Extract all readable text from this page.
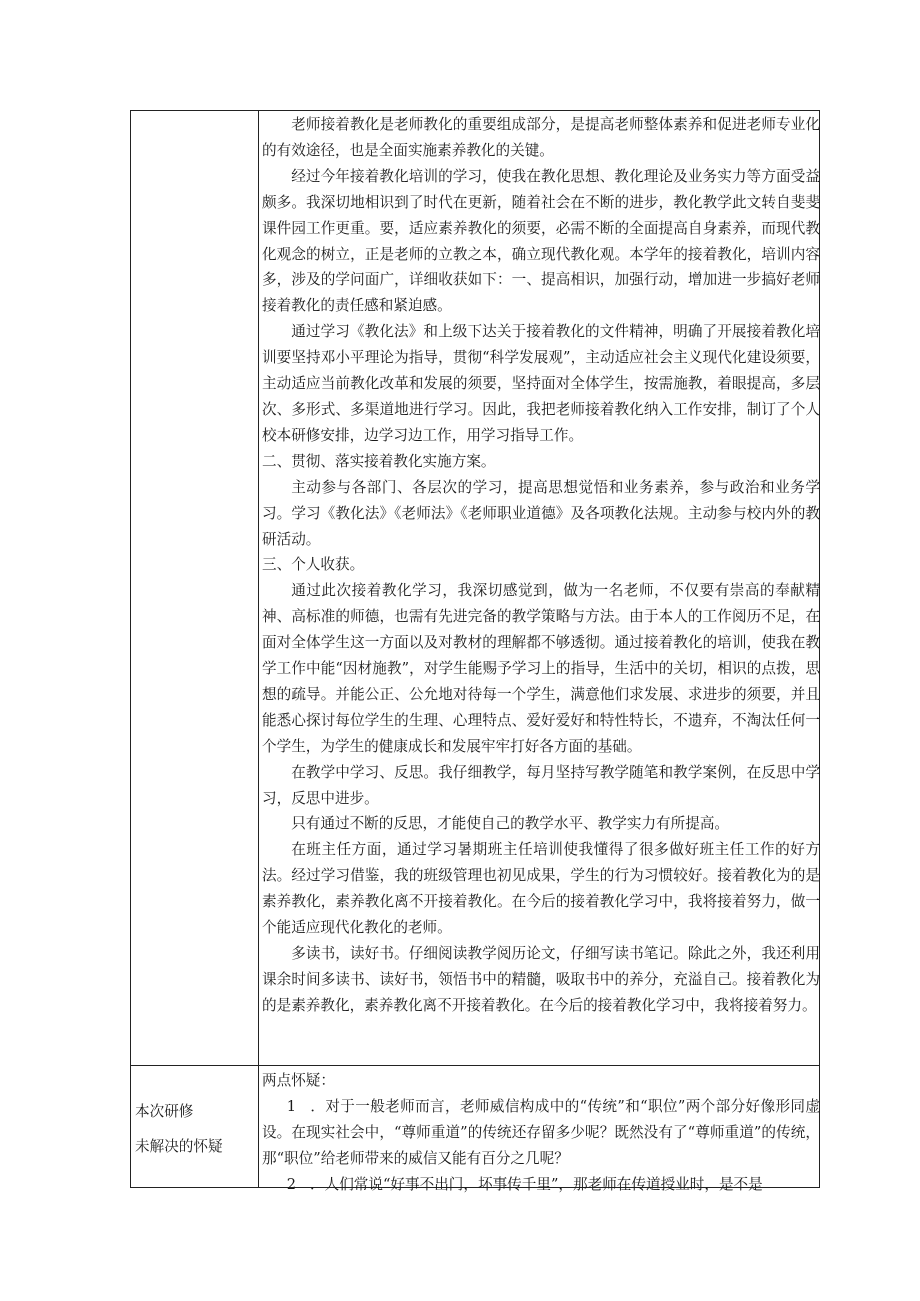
老师接着教化是老师教化的重要组成部分，是提高老师整体素养和促进老师专业化的有效途径，也是全面实施素养教化的关键。

经过今年接着教化培训的学习，使我在教化思想、教化理论及业务实力等方面受益颇多。我深切地相识到了时代在更新，随着社会在不断的进步，教化教学此文转自斐斐课件园工作更重。要，适应素养教化的须要，必需不断的全面提高自身素养，而现代教化观念的树立，正是老师的立教之本，确立现代教化观。本学年的接着教化，培训内容多，涉及的学问面广，详细收获如下：一、提高相识，加强行动，增加进一步搞好老师接着教化的责任感和紧迫感。

通过学习《教化法》和上级下达关于接着教化的文件精神，明确了开展接着教化培训要坚持邓小平理论为指导，贯彻“科学发展观”，主动适应社会主义现代化建设须要，主动适应当前教化改革和发展的须要，坚持面对全体学生，按需施教，着眼提高，多层次、多形式、多渠道地进行学习。因此，我把老师接着教化纳入工作安排，制订了个人校本研修安排，边学习边工作，用学习指导工作。

二、贯彻、落实接着教化实施方案。

主动参与各部门、各层次的学习，提高思想觉悟和业务素养，参与政治和业务学习。学习《教化法》《老师法》《老师职业道德》及各项教化法规。主动参与校内外的教研活动。

三、个人收获。

通过此次接着教化学习，我深切感觉到，做为一名老师，不仅要有崇高的奉献精神、高标准的师德，也需有先进完备的教学策略与方法。由于本人的工作阅历不足，在面对全体学生这一方面以及对教材的理解都不够透彻。通过接着教化的培训，使我在教学工作中能“因材施教”，对学生能赐予学习上的指导，生活中的关切，相识的点拨，思想的疏导。并能公正、公允地对待每一个学生，满意他们求发展、求进步的须要，并且能悉心探讨每位学生的生理、心理特点、爱好爱好和特性特长，不遗弃，不淘汰任何一个学生，为学生的健康成长和发展牢牢打好各方面的基础。

在教学中学习、反思。我仔细教学，每月坚持写教学随笔和教学案例，在反思中学习，反思中进步。

只有通过不断的反思，才能使自己的教学水平、教学实力有所提高。

在班主任方面，通过学习暑期班主任培训使我懂得了很多做好班主任工作的好方法。经过学习借鉴，我的班级管理也初见成果，学生的行为习惯较好。接着教化为的是素养教化，素养教化离不开接着教化。在今后的接着教化学习中，我将接着努力，做一个能适应现代化教化的老师。

多读书，读好书。仔细阅读教学阅历论文，仔细写读书笔记。除此之外，我还利用课余时间多读书、读好书，领悟书中的精髓，吸取书中的养分，充溢自己。接着教化为的是素养教化，素养教化离不开接着教化。在今后的接着教化学习中，我将接着努力。

本次研修
未解决的怀疑

两点怀疑：

1 ．对于一般老师而言，老师威信构成中的“传统”和“职位”两个部分好像形同虚设。在现实社会中，“尊师重道”的传统还存留多少呢？既然没有了“尊师重道”的传统，那“职位”给老师带来的威信又能有百分之几呢？

2 ．人们常说“好事不出门，坏事传千里”，那老师在传道授业时，是不是
